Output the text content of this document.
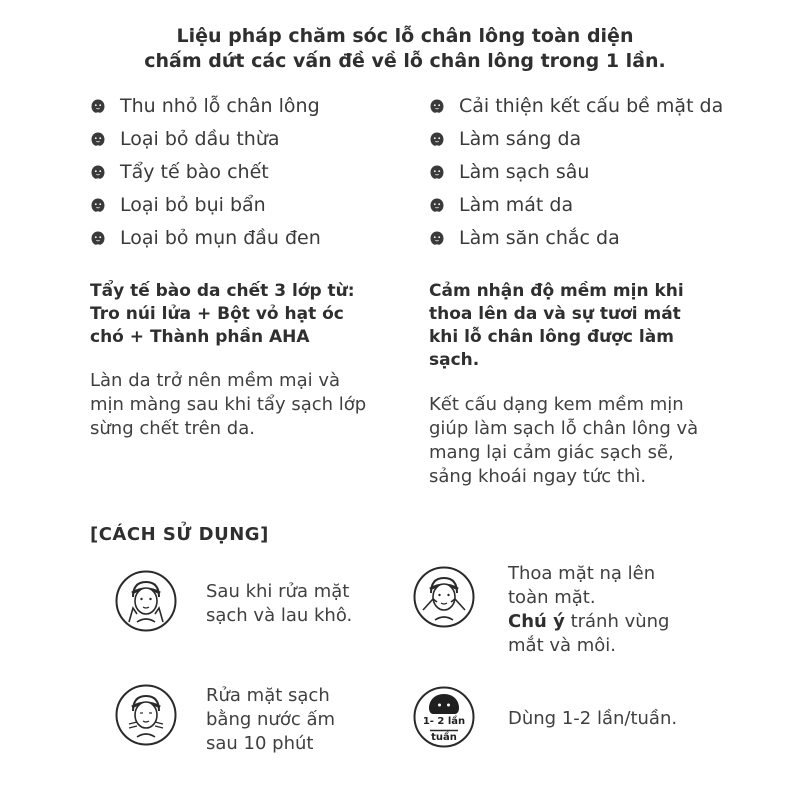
Liệu pháp chăm sóc lỗ chân lông toàn diện
chấm dứt các vấn đề về lỗ chân lông trong 1 lần.
Thu nhỏ lỗ chân lông
Loại bỏ dầu thừa
Tẩy tế bào chết
Loại bỏ bụi bẩn
Loại bỏ mụn đầu đen
Cải thiện kết cấu bề mặt da
Làm sáng da
Làm sạch sâu
Làm mát da
Làm săn chắc da
Tẩy tế bào da chết 3 lớp từ:
Tro núi lửa + Bột vỏ hạt óc
chó + Thành phần AHA
Làn da trở nên mềm mại và
mịn màng sau khi tẩy sạch lớp
sừng chết trên da.
Cảm nhận độ mềm mịn khi
thoa lên da và sự tươi mát
khi lỗ chân lông được làm
sạch.
Kết cấu dạng kem mềm mịn
giúp làm sạch lỗ chân lông và
mang lại cảm giác sạch sẽ,
sảng khoái ngay tức thì.
[CÁCH SỬ DỤNG]
Sau khi rửa mặt
sạch và lau khô.
Thoa mặt nạ lên
toàn mặt.
Chú ý tránh vùng
mắt và môi.
Rửa mặt sạch
bằng nước ấm
sau 10 phút
1- 2 lần
tuần
Dùng 1-2 lần/tuần.
